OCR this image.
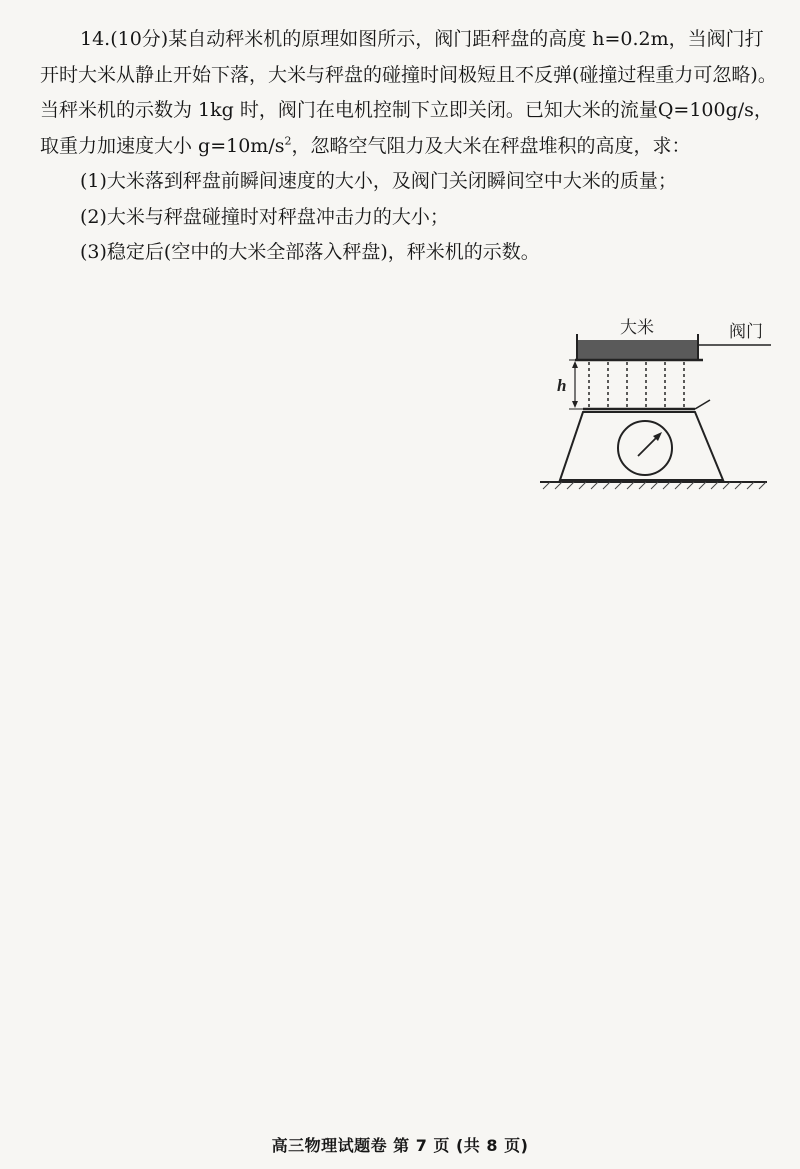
14.(10分)某自动秤米机的原理如图所示，阀门距秤盘的高度 h=0.2m，当阀门打开时大米从静止开始下落，大米与秤盘的碰撞时间极短且不反弹(碰撞过程重力可忽略)。当秤米机的示数为 1kg 时，阀门在电机控制下立即关闭。已知大米的流量Q=100g/s，取重力加速度大小 $g=10m/s^2$，忽略空气阻力及大米在秤盘堆积的高度，求：

(1)大米落到秤盘前瞬间速度的大小，及阀门关闭瞬间空中大米的质量；

(2)大米与秤盘碰撞时对秤盘冲击力的大小；

(3)稳定后(空中的大米全部落入秤盘)，秤米机的示数。

大米	阀门
h
高三物理试题卷 第 7 页 (共 8 页)
